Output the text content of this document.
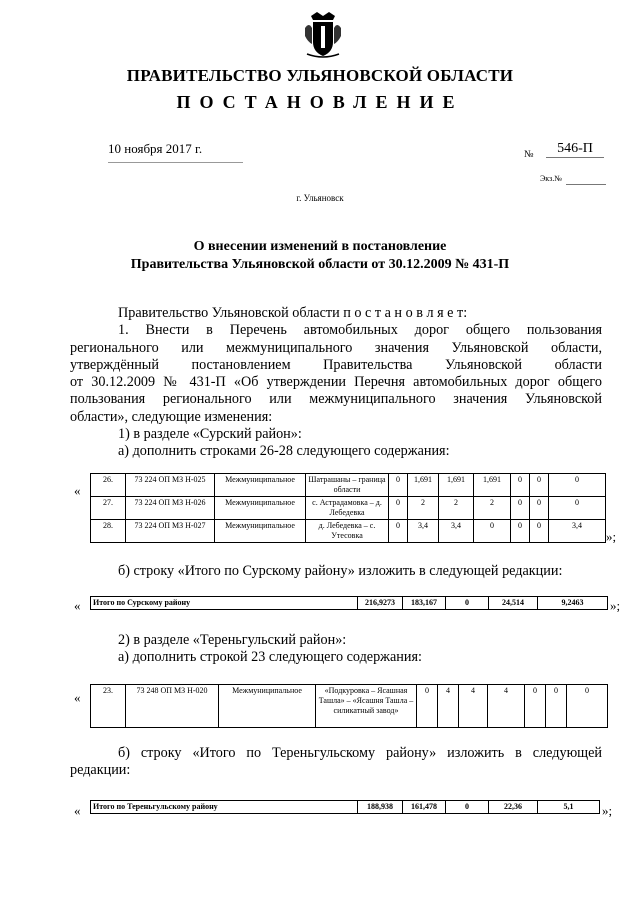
ПРАВИТЕЛЬСТВО УЛЬЯНОВСКОЙ ОБЛАСТИ
ПОСТАНОВЛЕНИЕ
10 ноября 2017 г.	№	546-П
Экз.№
г. Ульяновск
О внесении изменений в постановление
Правительства Ульяновской области от 30.12.2009 № 431-П
Правительство Ульяновской области п о с т а н о в л я е т:
1. Внести в Перечень автомобильных дорог общего пользования
регионального или межмуниципального значения Ульяновской области,
утверждённый постановлением Правительства Ульяновской области
от 30.12.2009 № 431-П «Об утверждении Перечня автомобильных дорог общего
пользования регионального или межмуниципального значения Ульяновской
области», следующие изменения:
1) в разделе «Сурский район»:
а) дополнить строками 26-28 следующего содержания:
«
26.	73 224 ОП МЗ Н-025	Межмуниципальное	Шатрашаны – граница области	0	1,691	1,691	1,691	0	0	0
27.	73 224 ОП МЗ Н-026	Межмуниципальное	с. Астрадамовка – д. Лебедевка	0	2	2	2	0	0	0
28.	73 224 ОП МЗ Н-027	Межмуниципальное	д. Лебедевка – с. Утесовка	0	3,4	3,4	0	0	0	3,4
»;
б) строку «Итого по Сурскому району» изложить в следующей редакции:
« Итого по Сурскому району	216,9273	183,167	0	24,514	9,2463 »;
2) в разделе «Тереньгульский район»:
а) дополнить строкой 23 следующего содержания:
«	23.	73 248 ОП МЗ Н-020	Межмуниципальное	«Подкуровка – Ясашная Ташла» – «Ясашня Ташла – силикатный завод»	0	4	4	4	0	0	0
б) строку «Итого по Тереньгульскому району» изложить в следующей
редакции:
« Итого по Тереньгульскому району	188,938	161,478	0	22,36	5,1 »;
